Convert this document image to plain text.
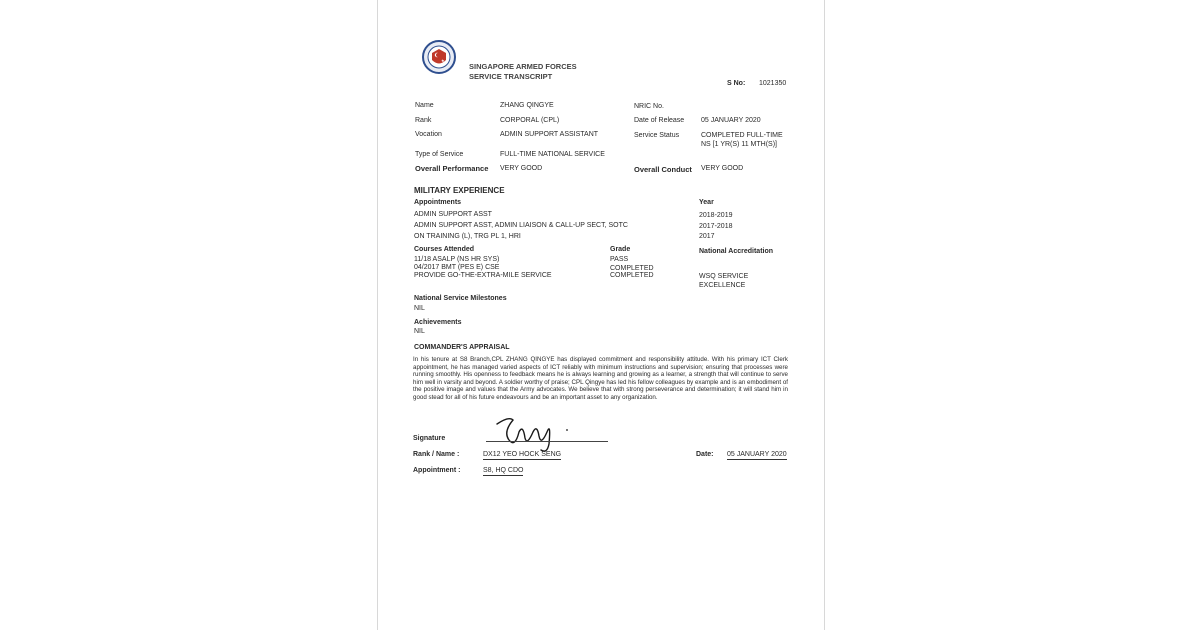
★
SINGAPORE ARMED FORCES
SERVICE TRANSCRIPT
S No: 1021350
Name	ZHANG QINGYE	NRIC No.
Rank	CORPORAL (CPL)	Date of Release 05 JANUARY 2020
Vocation	ADMIN SUPPORT ASSISTANT	Service Status	COMPLETED FULL-TIME
NS [1 YR(S) 11 MTH(S)]
Type of Service	FULL-TIME NATIONAL SERVICE
Overall Performance VERY GOOD	Overall Conduct VERY GOOD
MILITARY EXPERIENCE
Appointments	Year
ADMIN SUPPORT ASST	2018-2019
ADMIN SUPPORT ASST, ADMIN LIAISON & CALL-UP SECT, SOTC	2017-2018
ON TRAINING (L), TRG PL 1, HRI	2017
Courses Attended	Grade	National Accreditation
11/18 ASALP (NS HR SYS)	PASS
04/2017 BMT (PES E) CSE	COMPLETED
PROVIDE GO-THE-EXTRA-MILE SERVICE	COMPLETED	WSQ SERVICE
EXCELLENCE
National Service Milestones
NIL
Achievements
NIL
COMMANDER'S APPRAISAL
In his tenure at S8 Branch,CPL ZHANG QINGYE has displayed commitment and responsibility attitude. With his primary ICT Clerk appointment, he has managed varied aspects of ICT reliably with minimum instructions and supervision; ensuring that processes were running smoothly. His openness to feedback means he is always learning and growing as a learner, a strength that will continue to serve him well in varsity and beyond. A soldier worthy of praise; CPL Qingye has led his fellow colleagues by example and is an embodiment of the positive image and values that the Army advocates. We believe that with strong perseverance and determination; it will stand him in good stead for all of his future endeavours and be an important asset to any organization.
Signature
Rank / Name :	DX12 YEO HOCK SENG	Date: 05 JANUARY 2020
Appointment :	S8, HQ CDO
